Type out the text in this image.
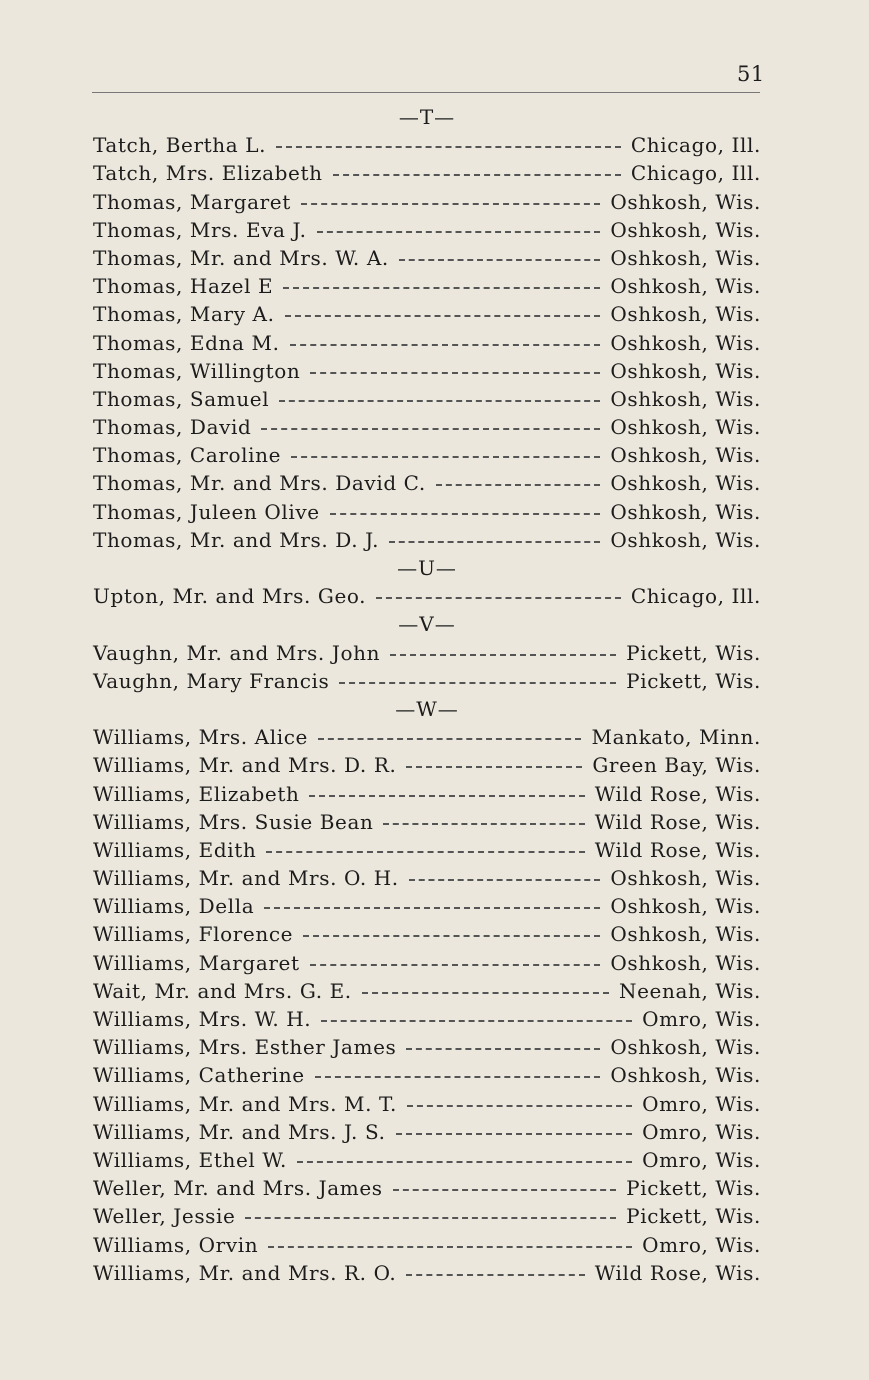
51
—T—
Tatch, Bertha L.	Chicago, Ill.
Tatch, Mrs. Elizabeth	Chicago, Ill.
Thomas, Margaret	Oshkosh, Wis.
Thomas, Mrs. Eva J.	Oshkosh, Wis.
Thomas, Mr. and Mrs. W. A.	Oshkosh, Wis.
Thomas, Hazel E	Oshkosh, Wis.
Thomas, Mary A.	Oshkosh, Wis.
Thomas, Edna M.	Oshkosh, Wis.
Thomas, Willington	Oshkosh, Wis.
Thomas, Samuel	Oshkosh, Wis.
Thomas, David	Oshkosh, Wis.
Thomas, Caroline	Oshkosh, Wis.
Thomas, Mr. and Mrs. David C.	Oshkosh, Wis.
Thomas, Juleen Olive	Oshkosh, Wis.
Thomas, Mr. and Mrs. D. J.	Oshkosh, Wis.
—U—
Upton, Mr. and Mrs. Geo.	Chicago, Ill.
—V—
Vaughn, Mr. and Mrs. John	Pickett, Wis.
Vaughn, Mary Francis	Pickett, Wis.
—W—
Williams, Mrs. Alice	Mankato, Minn.
Williams, Mr. and Mrs. D. R.	Green Bay, Wis.
Williams, Elizabeth	Wild Rose, Wis.
Williams, Mrs. Susie Bean	Wild Rose, Wis.
Williams, Edith	Wild Rose, Wis.
Williams, Mr. and Mrs. O. H.	Oshkosh, Wis.
Williams, Della	Oshkosh, Wis.
Williams, Florence	Oshkosh, Wis.
Williams, Margaret	Oshkosh, Wis.
Wait, Mr. and Mrs. G. E.	Neenah, Wis.
Williams, Mrs. W. H.	Omro, Wis.
Williams, Mrs. Esther James	Oshkosh, Wis.
Williams, Catherine	Oshkosh, Wis.
Williams, Mr. and Mrs. M. T.	Omro, Wis.
Williams, Mr. and Mrs. J. S.	Omro, Wis.
Williams, Ethel W.	Omro, Wis.
Weller, Mr. and Mrs. James	Pickett, Wis.
Weller, Jessie	Pickett, Wis.
Williams, Orvin	Omro, Wis.
Williams, Mr. and Mrs. R. O.	Wild Rose, Wis.
